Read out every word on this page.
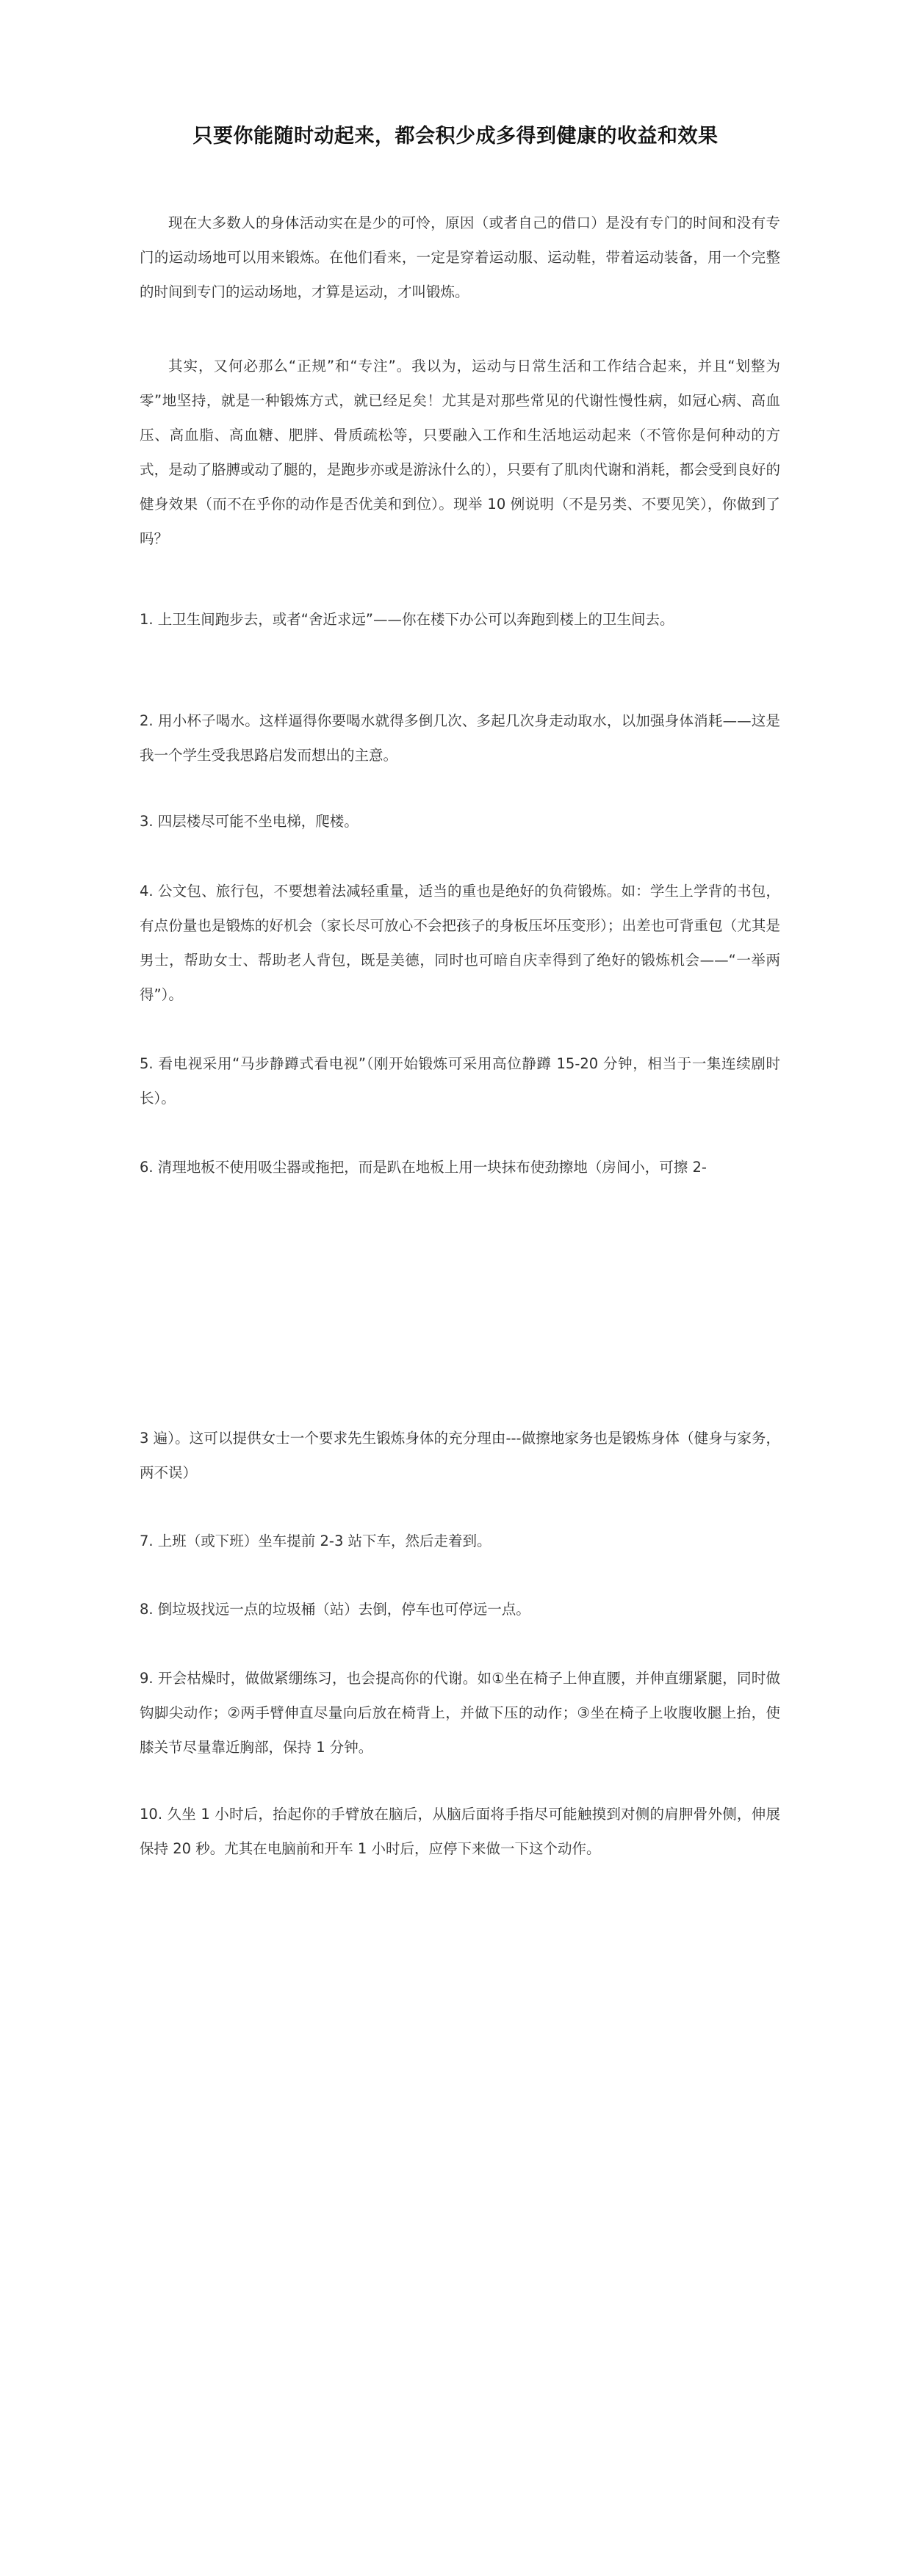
只要你能随时动起来，都会积少成多得到健康的收益和效果

现在大多数人的身体活动实在是少的可怜，原因（或者自己的借口）是没有专门的时间和没有专门的运动场地可以用来锻炼。在他们看来，一定是穿着运动服、运动鞋，带着运动装备，用一个完整的时间到专门的运动场地，才算是运动，才叫锻炼。

其实，又何必那么“正规”和“专注”。我以为，运动与日常生活和工作结合起来，并且“划整为零”地坚持，就是一种锻炼方式，就已经足矣！尤其是对那些常见的代谢性慢性病，如冠心病、高血压、高血脂、高血糖、肥胖、骨质疏松等，只要融入工作和生活地运动起来（不管你是何种动的方式，是动了胳膊或动了腿的，是跑步亦或是游泳什么的），只要有了肌肉代谢和消耗，都会受到良好的健身效果（而不在乎你的动作是否优美和到位）。现举 10 例说明（不是另类、不要见笑），你做到了吗？

1. 上卫生间跑步去，或者“舍近求远”——你在楼下办公可以奔跑到楼上的卫生间去。

2. 用小杯子喝水。这样逼得你要喝水就得多倒几次、多起几次身走动取水，以加强身体消耗——这是我一个学生受我思路启发而想出的主意。

3. 四层楼尽可能不坐电梯，爬楼。

4. 公文包、旅行包，不要想着法减轻重量，适当的重也是绝好的负荷锻炼。如：学生上学背的书包，有点份量也是锻炼的好机会（家长尽可放心不会把孩子的身板压坏压变形）；出差也可背重包（尤其是男士，帮助女士、帮助老人背包，既是美德，同时也可暗自庆幸得到了绝好的锻炼机会——“一举两得”）。

5. 看电视采用“马步静蹲式看电视”（刚开始锻炼可采用高位静蹲 15-20 分钟，相当于一集连续剧时长）。

6. 清理地板不使用吸尘器或拖把，而是趴在地板上用一块抹布使劲擦地（房间小，可擦 2-

3 遍）。这可以提供女士一个要求先生锻炼身体的充分理由---做擦地家务也是锻炼身体（健身与家务，两不误）

7. 上班（或下班）坐车提前 2-3 站下车，然后走着到。

8. 倒垃圾找远一点的垃圾桶（站）去倒，停车也可停远一点。

9. 开会枯燥时，做做紧绷练习，也会提高你的代谢。如①坐在椅子上伸直腰，并伸直绷紧腿，同时做钩脚尖动作；②两手臂伸直尽量向后放在椅背上，并做下压的动作；③坐在椅子上收腹收腿上抬，使膝关节尽量靠近胸部，保持 1 分钟。

10. 久坐 1 小时后，抬起你的手臂放在脑后，从脑后面将手指尽可能触摸到对侧的肩胛骨外侧，伸展保持 20 秒。尤其在电脑前和开车 1 小时后，应停下来做一下这个动作。
